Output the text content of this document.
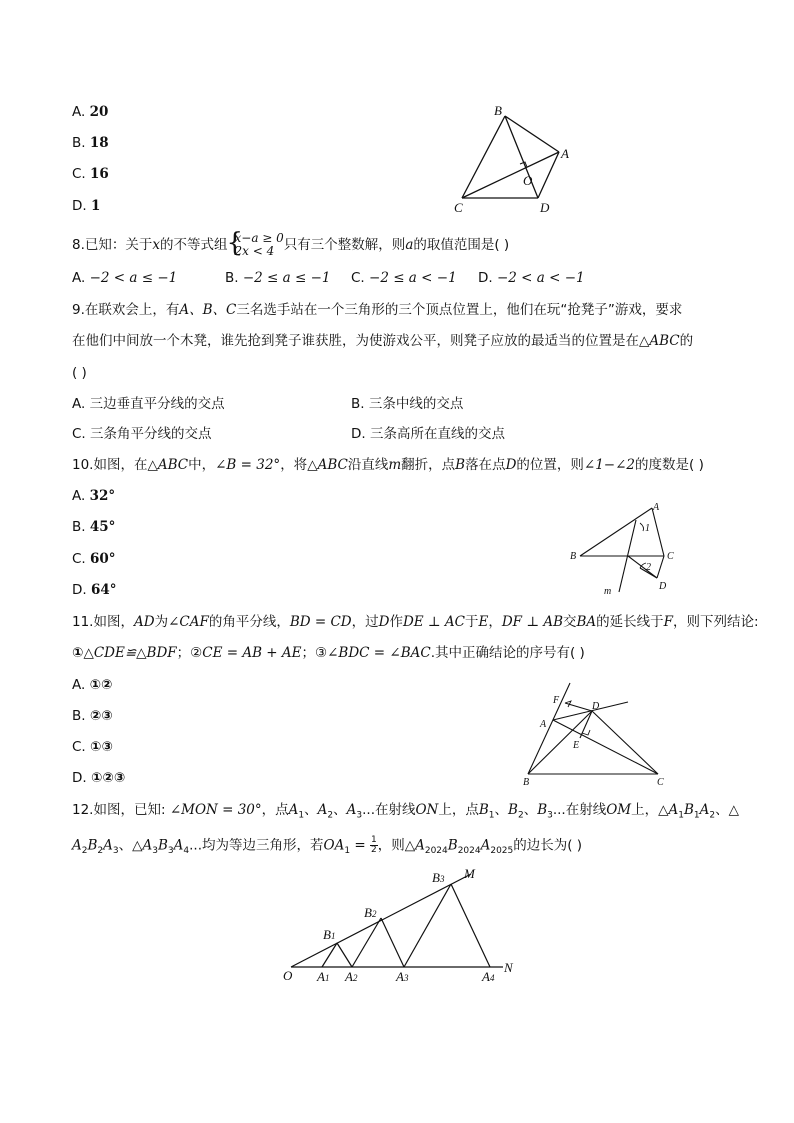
A. 20
B. 18
C. 16
D. 1
B
A
O
C	D
8.已知：关于x的不等式组
{ x−a ≥ 0
2x < 4 只有三个整数解，则a的取值范围是( )
A. −2 < a ≤ −1	B. −2 ≤ a ≤ −1 C. −2 ≤ a < −1 D. −2 < a < −1
9.在联欢会上，有A、B、C三名选手站在一个三角形的三个顶点位置上，他们在玩“抢凳子”游戏，要求
在他们中间放一个木凳，谁先抢到凳子谁获胜，为使游戏公平，则凳子应放的最适当的位置是在△ABC的
( )
A. 三边垂直平分线的交点	B. 三条中线的交点
C. 三条角平分线的交点	D. 三条高所在直线的交点
10.如图，在△ABC中，∠B = 32°，将△ABC沿直线m翻折，点B落在点D的位置，则∠1−∠2的度数是( )
A. 32°
B. 45°
C. 60°
D. 64°
A
B	C
D
m
1
2
11.如图，AD为∠CAF的角平分线，BD = CD，过D作DE ⊥ AC于E，DF ⊥ AB交BA的延长线于F，则下列结论:
①△CDE≌△BDF；②CE = AB + AE；③∠BDC = ∠BAC.其中正确结论的序号有( )
A. ①②
B. ②③
C. ①③
D. ①②③
F
D
A
E
B	C
12.如图，已知: ∠MON = 30°，点$A_1$、$A_2$、$A_3$...在射线ON上，点$B_1$、$B_2$、$B_3$...在射线OM上，$\triangle A_1B_1A_2$、△
$A_2B_2A_3$、$\triangle A_3B_3A_4$...均为等边三角形，若$OA_1 = \frac{1}{2}$ ，则$\triangle A_{2024}B_{2024}A_{2025}$的边长为( )
O
N
M
A1 A2	A3	A4
B1
B2
B3
